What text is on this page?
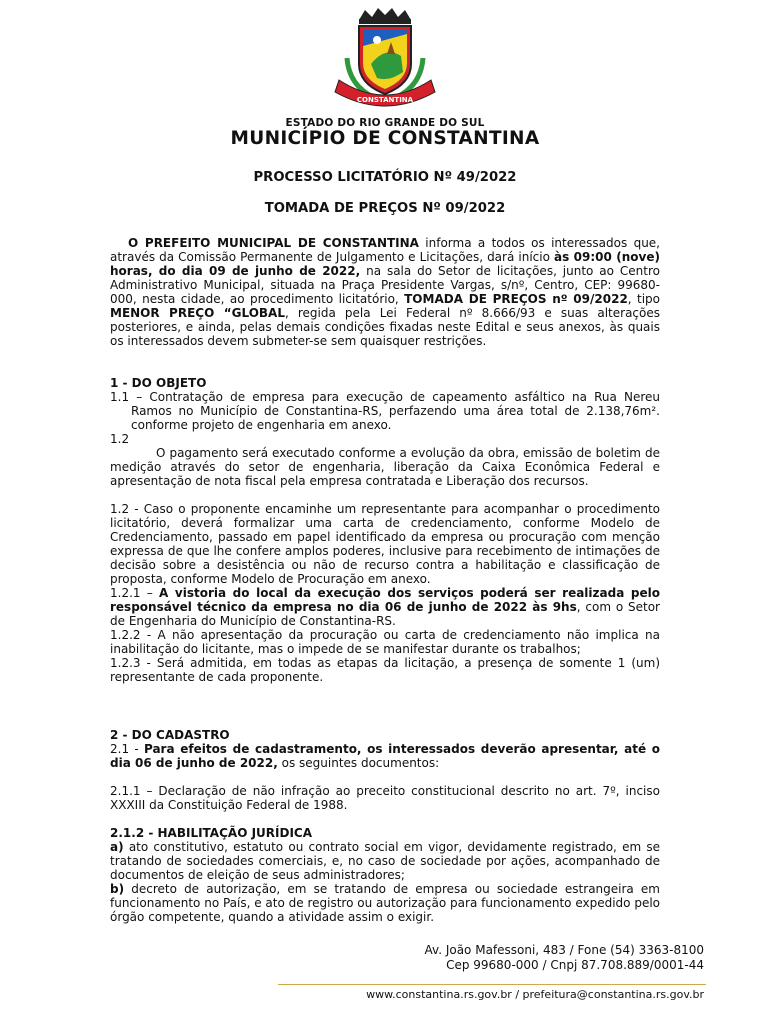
CONSTANTINA
ESTADO DO RIO GRANDE DO SUL
MUNICÍPIO DE CONSTANTINA
PROCESSO LICITATÓRIO Nº 49/2022
TOMADA DE PREÇOS Nº 09/2022

O PREFEITO MUNICIPAL DE CONSTANTINA informa a todos os interessados que, através da Comissão Permanente de Julgamento e Licitações, dará início às 09:00 (nove) horas, do dia 09 de junho de 2022, na sala do Setor de licitações, junto ao Centro Administrativo Municipal, situada na Praça Presidente Vargas, s/nº, Centro, CEP: 99680-000, nesta cidade, ao procedimento licitatório, TOMADA DE PREÇOS nº 09/2022, tipo MENOR PREÇO “GLOBAL, regida pela Lei Federal nº 8.666/93 e suas alterações posteriores, e ainda, pelas demais condições fixadas neste Edital e seus anexos, às quais os interessados devem submeter-se sem quaisquer restrições.

1 - DO OBJETO

1.1 – Contratação de empresa para execução de capeamento asfáltico na Rua Nereu Ramos no Município de Constantina-RS, perfazendo uma área total de 2.138,76m². conforme projeto de engenharia em anexo.

1.2

O pagamento será executado conforme a evolução da obra, emissão de boletim de medição através do setor de engenharia, liberação da Caixa Econômica Federal e apresentação de nota fiscal pela empresa contratada e Liberação dos recursos.

1.2 - Caso o proponente encaminhe um representante para acompanhar o procedimento licitatório, deverá formalizar uma carta de credenciamento, conforme Modelo de Credenciamento, passado em papel identificado da empresa ou procuração com menção expressa de que lhe confere amplos poderes, inclusive para recebimento de intimações de decisão sobre a desistência ou não de recurso contra a habilitação e classificação de proposta, conforme Modelo de Procuração em anexo.

1.2.1 – A vistoria do local da execução dos serviços poderá ser realizada pelo responsável técnico da empresa no dia 06 de junho de 2022 às 9hs, com o Setor de Engenharia do Município de Constantina-RS.

1.2.2 - A não apresentação da procuração ou carta de credenciamento não implica na inabilitação do licitante, mas o impede de se manifestar durante os trabalhos;

1.2.3 - Será admitida, em todas as etapas da licitação, a presença de somente 1 (um) representante de cada proponente.

2 - DO CADASTRO

2.1 - Para efeitos de cadastramento, os interessados deverão apresentar, até o dia 06 de junho de 2022, os seguintes documentos:

2.1.1 – Declaração de não infração ao preceito constitucional descrito no art. 7º, inciso XXXIII da Constituição Federal de 1988.

2.1.2 - HABILITAÇÃO JURÍDICA

a) ato constitutivo, estatuto ou contrato social em vigor, devidamente registrado, em se tratando de sociedades comerciais, e, no caso de sociedade por ações, acompanhado de documentos de eleição de seus administradores;

b) decreto de autorização, em se tratando de empresa ou sociedade estrangeira em funcionamento no País, e ato de registro ou autorização para funcionamento expedido pelo órgão competente, quando a atividade assim o exigir.

Av. João Mafessoni, 483 / Fone (54) 3363-8100
Cep 99680-000 / Cnpj 87.708.889/0001-44
www.constantina.rs.gov.br / prefeitura@constantina.rs.gov.br
